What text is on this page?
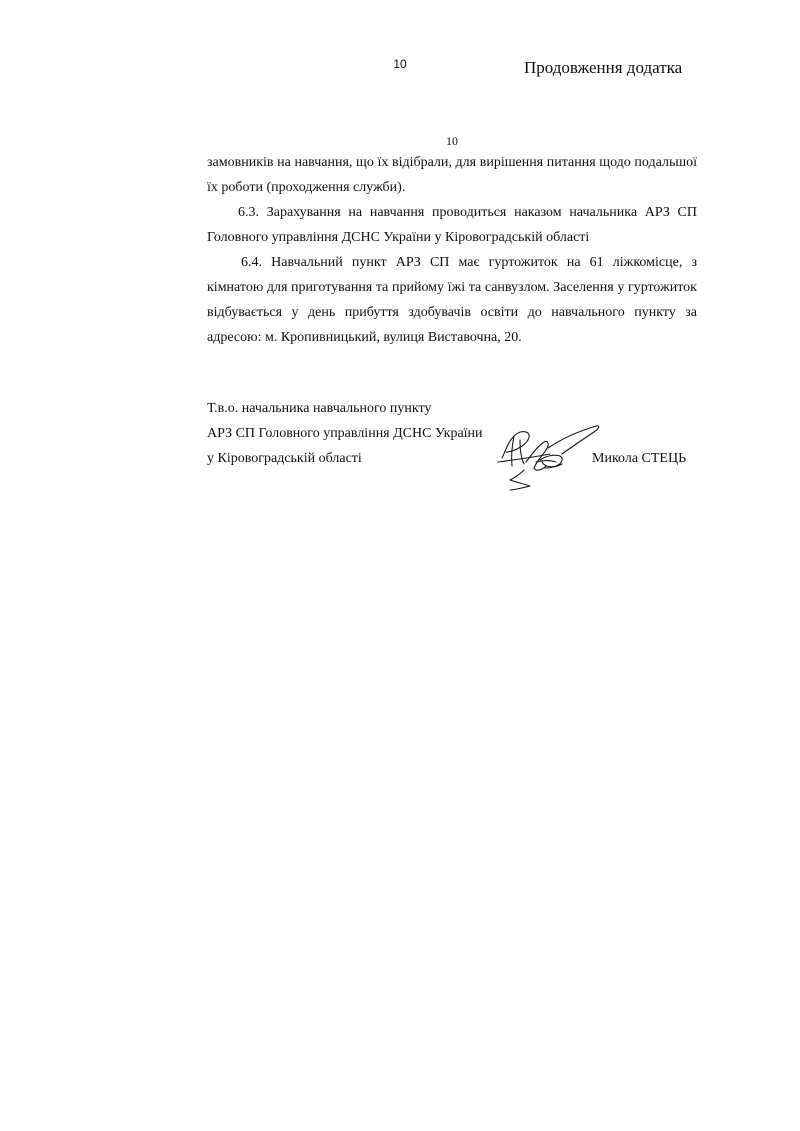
10	Продовження додатка
10

замовників на навчання, що їх відібрали, для вирішення питання щодо подальшої їх роботи (проходження служби).

6.3. Зарахування на навчання проводиться наказом начальника АРЗ СП Головного управління ДСНС України у Кіровоградській області

6.4. Навчальний пункт АРЗ СП має гуртожиток на 61 ліжкомісце, з кімнатою для приготування та прийому їжі та санвузлом. Заселення у гуртожиток відбувається у день прибуття здобувачів освіти до навчального пункту за адресою: м. Кропивницький, вулиця Виставочна, 20.

Т.в.о. начальника навчального пункту

АРЗ СП Головного управління ДСНС України

у Кіровоградській області	Микола СТЕЦЬ
